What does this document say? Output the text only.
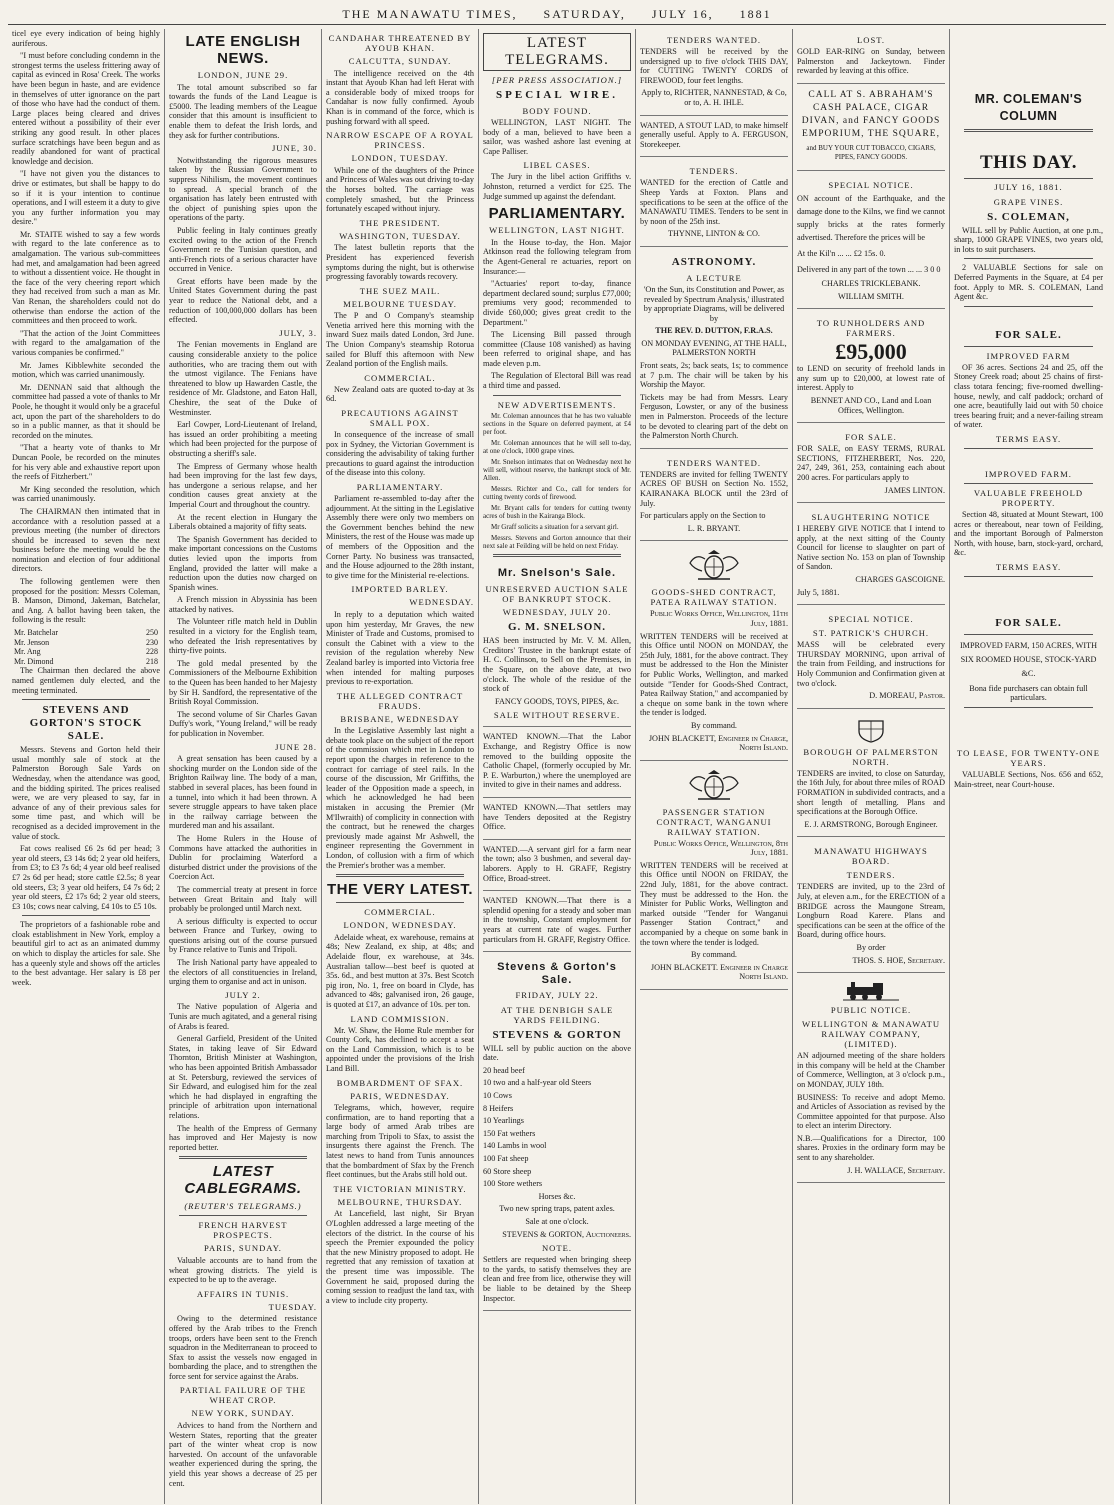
THE MANAWATU TIMES, SATURDAY, JULY 16, 1881

ticel eye every indication of being highly auriferous.

"I must before concluding condemn in the strongest terms the useless frittering away of capital as evinced in Rosa' Creek. The works have been begun in haste, and are evidence in themselves of utter ignorance on the part of those who have had the conduct of them. Large places being cleared and drives entered without a possibility of their ever striking any good result. In other places surface scratchings have been begun and as readily abandoned for want of practical knowledge and decision.

"I have not given you the distances to drive or estimates, but shall be happy to do so if it is your intention to continue operations, and I will esteem it a duty to give you any further information you may desire."

Mr. STAITE wished to say a few words with regard to the late conference as to amalgamation. The various sub-committees had met, and amalgamation had been agreed to without a dissentient voice. He thought in the face of the very cheering report which they had received from such a man as Mr. Van Renan, the shareholders could not do otherwise than endorse the action of the committees and then proceed to work.

"That the action of the Joint Committees with regard to the amalgamation of the various companies be confirmed."

Mr. James Kibblewhite seconded the motion, which was carried unanimously.

Mr. DENNAN said that although the committee had passed a vote of thanks to Mr Poole, he thought it would only be a graceful act, upon the part of the shareholders to do so in a public manner, as that it should be recorded on the minutes.

"That a hearty vote of thanks to Mr Duncan Poole, be recorded on the minutes for his very able and exhaustive report upon the reefs of Fitzherbert."

Mr King seconded the resolution, which was carried unanimously.

The CHAIRMAN then intimated that in accordance with a resolution passed at a previous meeting (the number of directors should be increased to seven the next business before the meeting would be the nomination and election of four additional directors.

The following gentlemen were then proposed for the position: Messrs Coleman, B. Manson, Dimond, Jakeman, Batchelar, and Ang. A ballot having been taken, the following is the result:

Mr. Batchelar	250
Mr. Jenson	230
Mr. Ang	228
Mr. Dimond	218

The Chairman then declared the above named gentlemen duly elected, and the meeting terminated.

STEVENS AND GORTON'S STOCK SALE.

Messrs. Stevens and Gorton held their usual monthly sale of stock at the Palmerston Borough Sale Yards on Wednesday, when the attendance was good, and the bidding spirited. The prices realised were, we are very pleased to say, far in advance of any of their previous sales for some time past, and which will be recognised as a decided improvement in the value of stock.

Fat cows realised £6 2s 6d per head; 3 year old steers, £3 14s 6d; 2 year old heifers, from £3; to £3 7s 6d; 4 year old beef realised £7 2s 6d per head; store cattle £2.5s; 8 year old steers, £3; 3 year old heifers, £4 7s 6d; 2 year old steers, £2 17s 6d; 2 year old steers, £3 10s; cows near calving, £4 10s to £5 10s.

The proprietors of a fashionable robe and cloak establishment in New York, employ a beautiful girl to act as an animated dummy on which to display the articles for sale. She has a queenly style and shows off the articles to the best advantage. Her salary is £8 per week.

LATE ENGLISH NEWS.
LONDON, JUNE 29.

The total amount subscribed so far towards the funds of the Land League is £5000. The leading members of the League consider that this amount is insufficient to enable them to defeat the Irish lords, and they ask for further contributions.

JUNE, 30.

Notwithstanding the rigorous measures taken by the Russian Government to suppress Nihilism, the movement continues to spread. A special branch of the organisation has lately been entrusted with the object of punishing spies upon the operations of the party.

Public feeling in Italy continues greatly excited owing to the action of the French Government re the Tunisian question, and anti-French riots of a serious character have occurred in Venice.

Great efforts have been made by the United States Government during the past year to reduce the National debt, and a reduction of 100,000,000 dollars has been effected.

JULY, 3.

The Fenian movements in England are causing considerable anxiety to the police authorities, who are tracing them out with the utmost vigilance. The Fenians have threatened to blow up Hawarden Castle, the residence of Mr. Gladstone, and Eaton Hall, Cheshire, the seat of the Duke of Westminster.

Earl Cowper, Lord-Lieutenant of Ireland, has issued an order prohibiting a meeting which had been projected for the purpose of obstructing a sheriff's sale.

The Empress of Germany whose health had been improving for the last few days, has undergone a serious relapse, and her condition causes great anxiety at the Imperial Court and throughout the country.

At the recent election in Hungary the Liberals obtained a majority of fifty seats.

The Spanish Government has decided to make important concessions on the Customs duties levied upon the imports from England, provided the latter will make a reduction upon the duties now charged on Spanish wines.

A French mission in Abyssinia has been attacked by natives.

The Volunteer rifle match held in Dublin resulted in a victory for the English team, who defeated the Irish representatives by thirty-five points.

The gold medal presented by the Commissioners of the Melbourne Exhibition to the Queen has been handed to her Majesty by Sir H. Sandford, the representative of the British Royal Commission.

The second volume of Sir Charles Gavan Duffy's work, "Young Ireland," will be ready for publication in November.

JUNE 28.

A great sensation has been caused by a shocking murder on the London side of the Brighton Railway line. The body of a man, stabbed in several places, has been found in a tunnel, into which it had been thrown. A severe struggle appears to have taken place in the railway carriage between the murdered man and his assailant.

The Home Rulers in the House of Commons have attacked the authorities in Dublin for proclaiming Waterford a disturbed district under the provisions of the Coercion Act.

The commercial treaty at present in force between Great Britain and Italy will probably be prolonged until March next.

A serious difficulty is expected to occur between France and Turkey, owing to questions arising out of the course pursued by France relative to Tunis and Tripoli.

The Irish National party have appealed to the electors of all constituencies in Ireland, urging them to organise and act in unison.

JULY 2.

The Native population of Algeria and Tunis are much agitated, and a general rising of Arabs is feared.

General Garfield, President of the United States, in taking leave of Sir Edward Thornton, British Minister at Washington, who has been appointed British Ambassador at St. Petersburg, reviewed the services of Sir Edward, and eulogised him for the zeal which he had displayed in engrafting the principle of arbitration upon international relations.

The health of the Empress of Germany has improved and Her Majesty is now reported better.

LATEST CABLEGRAMS.
(REUTER'S TELEGRAMS.)
FRENCH HARVEST PROSPECTS.
PARIS, SUNDAY.

Valuable accounts are to hand from the wheat growing districts. The yield is expected to be up to the average.

AFFAIRS IN TUNIS.
TUESDAY.

Owing to the determined resistance offered by the Arab tribes to the French troops, orders have been sent to the French squadron in the Mediterranean to proceed to Sfax to assist the vessels now engaged in bombarding the place, and to strengthen the force sent for service against the Arabs.

PARTIAL FAILURE OF THE WHEAT CROP.
NEW YORK, SUNDAY.

Advices to hand from the Northern and Western States, reporting that the greater part of the winter wheat crop is now harvested. On account of the unfavorable weather experienced during the spring, the yield this year shows a decrease of 25 per cent.

CANDAHAR THREATENED BY AYOUB KHAN.
CALCUTTA, SUNDAY.

The intelligence received on the 4th instant that Ayoub Khan had left Herat with a considerable body of mixed troops for Candahar is now fully confirmed. Ayoub Khan is in command of the force, which is pushing forward with all speed.

NARROW ESCAPE OF A ROYAL PRINCESS.
LONDON, TUESDAY.

While one of the daughters of the Prince and Princess of Wales was out driving to-day the horses bolted. The carriage was completely smashed, but the Princess fortunately escaped without injury.

THE PRESIDENT.
WASHINGTON, TUESDAY.

The latest bulletin reports that the President has experienced feverish symptoms during the night, but is otherwise progressing favorably towards recovery.

THE SUEZ MAIL.
MELBOURNE TUESDAY.

The P and O Company's steamship Venetia arrived here this morning with the inward Suez mails dated London, 3rd June. The Union Company's steamship Rotorua sailed for Bluff this afternoon with New Zealand portion of the English mails.

COMMERCIAL.

New Zealand oats are quoted to-day at 3s 6d.

PRECAUTIONS AGAINST SMALL POX.

In consequence of the increase of small pox in Sydney, the Victorian Government is considering the advisability of taking further precautions to guard against the introduction of the disease into this colony.

PARLIAMENTARY.

Parliament re-assembled to-day after the adjournment. At the sitting in the Legislative Assembly there were only two members on the Government benches behind the new Ministers, the rest of the House was made up of members of the Opposition and the Corner Party. No business was transacted, and the House adjourned to the 28th instant, to give time for the Ministerial re-elections.

IMPORTED BARLEY.
WEDNESDAY.

In reply to a deputation which waited upon him yesterday, Mr Graves, the new Minister of Trade and Customs, promised to consult the Cabinet with a view to the revision of the regulation whereby New Zealand barley is imported into Victoria free when intended for malting purposes previous to re-exportation.

THE ALLEGED CONTRACT FRAUDS.
BRISBANE, WEDNESDAY

In the Legislative Assembly last night a debate took place on the subject of the report of the commission which met in London to report upon the charges in reference to the contract for carriage of steel rails. In the course of the discussion, Mr Griffiths, the leader of the Opposition made a speech, in which he acknowledged he had been mistaken in accusing the Premier (Mr M'Ilwraith) of complicity in connection with the contract, but he renewed the charges previously made against Mr Ashwell, the engineer representing the Government in London, of collusion with a firm of which the Premier's brother was a member.

THE VERY LATEST.
COMMERCIAL.
LONDON, WEDNESDAY.

Adelaide wheat, ex warehouse, remains at 48s; New Zealand, ex ship, at 48s; and Adelaide flour, ex warehouse, at 34s. Australian tallow—best beef is quoted at 35s. 6d., and best mutton at 37s. Best Scotch pig iron, No. 1, free on board in Clyde, has advanced to 48s; galvanised iron, 26 gauge, is quoted at £17, an advance of 10s. per ton.

LAND COMMISSION.

Mr. W. Shaw, the Home Rule member for County Cork, has declined to accept a seat on the Land Commission, which is to be appointed under the provisions of the Irish Land Bill.

BOMBARDMENT OF SFAX.
PARIS, WEDNESDAY.

Telegrams, which, however, require confirmation, are to hand reporting that a large body of armed Arab tribes are marching from Tripoli to Sfax, to assist the insurgents there against the French. The latest news to hand from Tunis announces that the bombardment of Sfax by the French fleet continues, but the Arabs still hold out.

THE VICTORIAN MINISTRY.
MELBOURNE, THURSDAY.

At Lancefield, last night, Sir Bryan O'Loghlen addressed a large meeting of the electors of the district. In the course of his speech the Premier expounded the policy that the new Ministry proposed to adopt. He regretted that any remission of taxation at the present time was impossible. The Government he said, proposed during the coming session to readjust the land tax, with a view to include city property.

LATEST TELEGRAMS.
[PER PRESS ASSOCIATION.]
SPECIAL WIRE.
BODY FOUND.

WELLINGTON, LAST NIGHT. The body of a man, believed to have been a sailor, was washed ashore last evening at Cape Palliser.

LIBEL CASES.

The Jury in the libel action Griffiths v. Johnston, returned a verdict for £25. The Judge summed up against the defendant.

PARLIAMENTARY.
WELLINGTON, LAST NIGHT.

In the House to-day, the Hon. Major Atkinson read the following telegram from the Agent-General re actuaries, report on Insurance:—

"Actuaries' report to-day, finance department declared sound; surplus £77,000; premiums very good; recommended to divide £60,000; gives great credit to the Department."

The Licensing Bill passed through committee (Clause 108 vanished) as having been referred to original shape, and has made eleven p.m.

The Regulation of Electoral Bill was read a third time and passed.

NEW ADVERTISEMENTS.

Mr. Coleman announces that he has two valuable sections in the Square on deferred payment, at £4 per foot.

Mr. Coleman announces that he will sell to-day, at one o'clock, 1000 grape vines.

Mr. Snelson intimates that on Wednesday next he will sell, without reserve, the bankrupt stock of Mr. Allen.

Messrs. Richter and Co., call for tenders for cutting twenty cords of firewood.

Mr. Bryant calls for tenders for cutting twenty acres of bush in the Kairanga Block.

Mr Graff solicits a situation for a servant girl.

Messrs. Stevens and Gorton announce that their next sale at Feilding will be held on next Friday.

Mr. Snelson's Sale.
UNRESERVED AUCTION SALE OF BANKRUPT STOCK.
WEDNESDAY, JULY 20.
G. M. SNELSON.

HAS been instructed by Mr. V. M. Allen, Creditors' Trustee in the bankrupt estate of H. C. Collinson, to Sell on the Premises, in the Square, on the above date, at two o'clock. The whole of the residue of the stock of

FANCY GOODS, TOYS, PIPES, &c.

SALE WITHOUT RESERVE.

WANTED KNOWN.—That the Labor Exchange, and Registry Office is now removed to the building opposite the Catholic Chapel, (formerly occupied by Mr. P. E. Warburton,) where the unemployed are invited to give in their names and address.

WANTED KNOWN.—That settlers may have Tenders deposited at the Registry Office.

WANTED.—A servant girl for a farm near the town; also 3 bushmen, and several day-laborers. Apply to H. GRAFF, Registry Office, Broad-street.

WANTED KNOWN.—That there is a splendid opening for a steady and sober man in the township, Constant employment for years at current rate of wages. Further particulars from H. GRAFF, Registry Office.

Stevens & Gorton's Sale.
FRIDAY, JULY 22.
AT THE DENBIGH SALE YARDS FEILDING.
STEVENS & GORTON

WILL sell by public auction on the above date.

20 head beef

10 two and a half-year old Steers

10 Cows

8 Heifers

10 Yearlings

150 Fat wethers

140 Lambs in wool

100 Fat sheep

60 Store sheep

100 Store wethers

Horses &c.

Two new spring traps, patent axles.

Sale at one o'clock.

STEVENS & GORTON, Auctioneers.

NOTE.

Settlers are requested when bringing sheep to the yards, to satisfy themselves they are clean and free from lice, otherwise they will be liable to be detained by the Sheep Inspector.

TENDERS WANTED.

TENDERS will be received by the undersigned up to five o'clock THIS DAY, for CUTTING TWENTY CORDS of FIREWOOD, four feet lengths.

Apply to, RICHTER, NANNESTAD, & Co, or to, A. H. IHLE.

WANTED, A STOUT LAD, to make himself generally useful. Apply to A. FERGUSON, Storekeeper.

TENDERS.

WANTED for the erection of Cattle and Sheep Yards at Foxton. Plans and specifications to be seen at the office of the MANAWATU TIMES. Tenders to be sent in by noon of the 25th inst.

THYNNE, LINTON & CO.

ASTRONOMY.
A LECTURE

'On the Sun, its Constitution and Power, as revealed by Spectrum Analysis,' illustrated by appropriate Diagrams, will be delivered by

THE REV. D. DUTTON, F.R.A.S.

ON MONDAY EVENING, AT THE HALL, PALMERSTON NORTH

Front seats, 2s; back seats, 1s; to commence at 7 p.m. The chair will be taken by his Worship the Mayor.

Tickets may be had from Messrs. Leary Ferguson, Lowster, or any of the business men in Palmerston. Proceeds of the lecture to be devoted to clearing part of the debt on the Palmerston North Church.

TENDERS WANTED.

TENDERS are invited for felling TWENTY ACRES OF BUSH on Section No. 1552, KAIRANAKA BLOCK until the 23rd of July.

For particulars apply on the Section to

L. R. BRYANT.

GOODS-SHED CONTRACT, PATEA RAILWAY STATION.

Public Works Office, Wellington, 11th July, 1881.

WRITTEN TENDERS will be received at this Office until NOON on MONDAY, the 25th July, 1881, for the above contract. They must be addressed to the Hon the Minister for Public Works, Wellington, and marked outside "Tender for Goods-Shed Contract, Patea Railway Station," and accompanied by a cheque on some bank in the town where the tender is lodged.

By command.

JOHN BLACKETT, Engineer in Charge, North Island.

PASSENGER STATION CONTRACT, WANGANUI RAILWAY STATION.

Public Works Office, Wellington, 8th July, 1881.

WRITTEN TENDERS will be received at this Office until NOON on FRIDAY, the 22nd July, 1881, for the above contract. They must be addressed to the Hon. the Minister for Public Works, Wellington and marked outside "Tender for Wanganui Passenger Station Contract," and accompanied by a cheque on some bank in the town where the tender is lodged.

By command.

JOHN BLACKETT. Engineer in Charge North Island.

LOST.

GOLD EAR-RING on Sunday, between Palmerston and Jackeytown. Finder rewarded by leaving at this office.

CALL AT S. ABRAHAM'S CASH PALACE, CIGAR DIVAN, and FANCY GOODS EMPORIUM, THE SQUARE,

and BUY YOUR CUT TOBACCO, CIGARS, PIPES, FANCY GOODS.

SPECIAL NOTICE.

ON account of the Earthquake, and the damage done to the Kilns, we find we cannot supply bricks at the rates formerly advertised. Therefore the prices will be

At the Kil'n ... ... £2 15s. 0.

Delivered in any part of the town ... ... 3 0 0

CHARLES TRICKLEBANK.

WILLIAM SMITH.

TO RUNHOLDERS AND FARMERS.
£95,000

to LEND on security of freehold lands in any sum up to £20,000, at lowest rate of interest. Apply to

BENNET AND CO., Land and Loan Offices, Wellington.

FOR SALE.

FOR SALE, on EASY TERMS, RURAL SECTIONS, FITZHERBERT, Nos. 220, 247, 249, 361, 253, containing each about 200 acres. For particulars apply to

JAMES LINTON.

SLAUGHTERING NOTICE

I HEREBY GIVE NOTICE that I intend to apply, at the next sitting of the County Council for license to slaughter on part of Native section No. 153 on plan of Township of Sandon.

CHARGES GASCOIGNE.

July 5, 1881.

SPECIAL NOTICE.
ST. PATRICK'S CHURCH.

MASS will be celebrated every THURSDAY MORNING, upon arrival of the train from Feilding, and instructions for Holy Communion and Confirmation given at two o'clock.

D. MOREAU, Pastor.

BOROUGH OF PALMERSTON NORTH.

TENDERS are invited, to close on Saturday, the 16th July, for about three miles of ROAD FORMATION in subdivided contracts, and a short length of metalling. Plans and specifications at the Borough Office.

E. J. ARMSTRONG, Borough Engineer.

MANAWATU HIGHWAYS BOARD.
TENDERS.

TENDERS are invited, up to the 23rd of July, at eleven a.m., for the ERECTION of a BRIDGE across the Maungone Stream, Longburn Road Karere. Plans and specifications can be seen at the office of the Board, during office hours.

By order

THOS. S. HOE, Secretary.

PUBLIC NOTICE.
WELLINGTON & MANAWATU RAILWAY COMPANY, (LIMITED).

AN adjourned meeting of the share holders in this company will be held at the Chamber of Commerce, Wellington, at 3 o'clock p.m., on MONDAY, JULY 18th.

BUSINESS: To receive and adopt Memo. and Articles of Association as revised by the Committee appointed for that purpose. Also to elect an interim Directory.

N.B.—Qualifications for a Director, 100 shares. Proxies in the ordinary form may be sent to any shareholder.

J. H. WALLACE, Secretary.

MR. COLEMAN'S COLUMN
THIS DAY.
JULY 16, 1881.
GRAPE VINES.
S. COLEMAN,

WILL sell by Public Auction, at one p.m., sharp, 1000 GRAPE VINES, two years old, in lots to suit purchasers.

2 VALUABLE Sections for sale on Deferred Payments in the Square, at £4 per foot. Apply to MR. S. COLEMAN, Land Agent &c.

FOR SALE.
IMPROVED FARM

OF 36 acres. Sections 24 and 25, off the Stoney Creek road; about 25 chains of first-class totara fencing; five-roomed dwelling-house, newly, and calf paddock; orchard of one acre, beautifully laid out with 50 choice trees bearing fruit; and a never-failing stream of water.

TERMS EASY.
IMPROVED FARM.
VALUABLE FREEHOLD PROPERTY.

Section 48, situated at Mount Stewart, 100 acres or thereabout, near town of Feilding, and the important Borough of Palmerston North, with house, barn, stock-yard, orchard, &c.

TERMS EASY.
FOR SALE.

IMPROVED FARM, 150 ACRES, WITH SIX ROOMED HOUSE, STOCK-YARD &C.

Bona fide purchasers can obtain full particulars.

TO LEASE, FOR TWENTY-ONE YEARS.

VALUABLE Sections, Nos. 656 and 652, Main-street, near Court-house.
